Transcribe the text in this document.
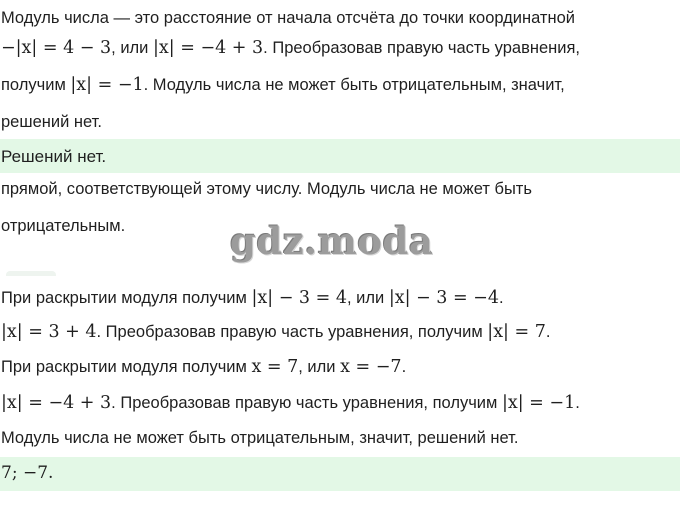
Модуль числа — это расстояние от начала отсчёта до точки координатной
−|x| = 4 − 3, или |x| = −4 + 3. Преобразовав правую часть уравнения,
получим |x| = −1. Модуль числа не может быть отрицательным, значит,
решений нет.
Решений нет.
прямой, соответствующей этому числу. Модуль числа не может быть
отрицательным.	gdz.moda
При раскрытии модуля получим |x| − 3 = 4, или |x| − 3 = −4.
|x| = 3 + 4. Преобразовав правую часть уравнения, получим |x| = 7.
При раскрытии модуля получим x = 7, или x = −7.
|x| = −4 + 3. Преобразовав правую часть уравнения, получим |x| = −1.
Модуль числа не может быть отрицательным, значит, решений нет.
7; −7.
